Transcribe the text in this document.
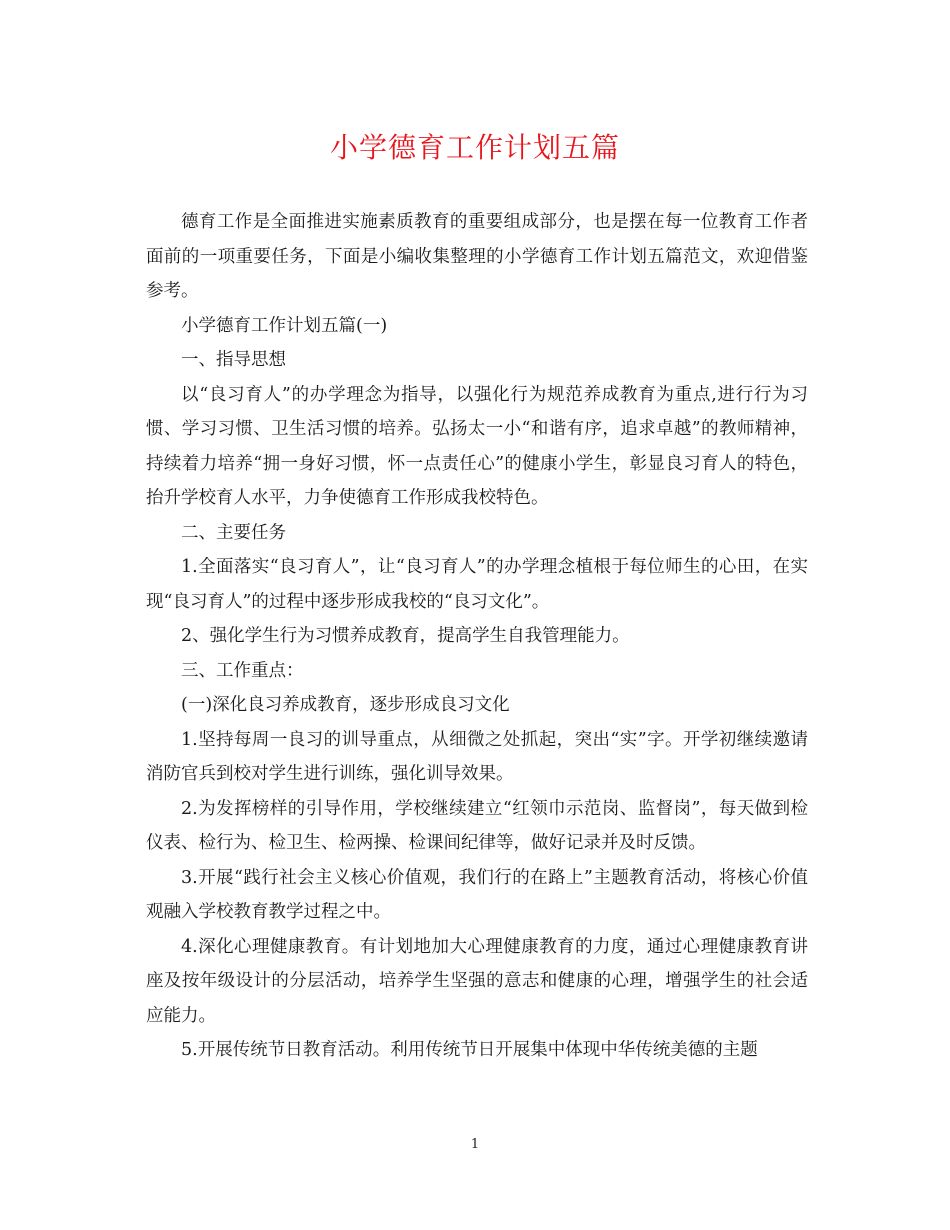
小学德育工作计划五篇

德育工作是全面推进实施素质教育的重要组成部分，也是摆在每一位教育工作者面前的一项重要任务，下面是小编收集整理的小学德育工作计划五篇范文，欢迎借鉴参考。

小学德育工作计划五篇(一)

一、指导思想

以“良习育人”的办学理念为指导，以强化行为规范养成教育为重点,进行行为习惯、学习习惯、卫生活习惯的培养。弘扬太一小“和谐有序，追求卓越”的教师精神，持续着力培养“拥一身好习惯，怀一点责任心”的健康小学生，彰显良习育人的特色，抬升学校育人水平，力争使德育工作形成我校特色。

二、主要任务

1.全面落实“良习育人”，让“良习育人”的办学理念植根于每位师生的心田，在实现“良习育人”的过程中逐步形成我校的“良习文化”。

2、强化学生行为习惯养成教育，提高学生自我管理能力。

三、工作重点：

(一)深化良习养成教育，逐步形成良习文化

1.坚持每周一良习的训导重点，从细微之处抓起，突出“实”字。开学初继续邀请消防官兵到校对学生进行训练，强化训导效果。

2.为发挥榜样的引导作用，学校继续建立“红领巾示范岗、监督岗”，每天做到检仪表、检行为、检卫生、检两操、检课间纪律等，做好记录并及时反馈。

3.开展“践行社会主义核心价值观，我们行的在路上”主题教育活动，将核心价值观融入学校教育教学过程之中。

4.深化心理健康教育。有计划地加大心理健康教育的力度，通过心理健康教育讲座及按年级设计的分层活动，培养学生坚强的意志和健康的心理，增强学生的社会适应能力。

5.开展传统节日教育活动。利用传统节日开展集中体现中华传统美德的主题

1
